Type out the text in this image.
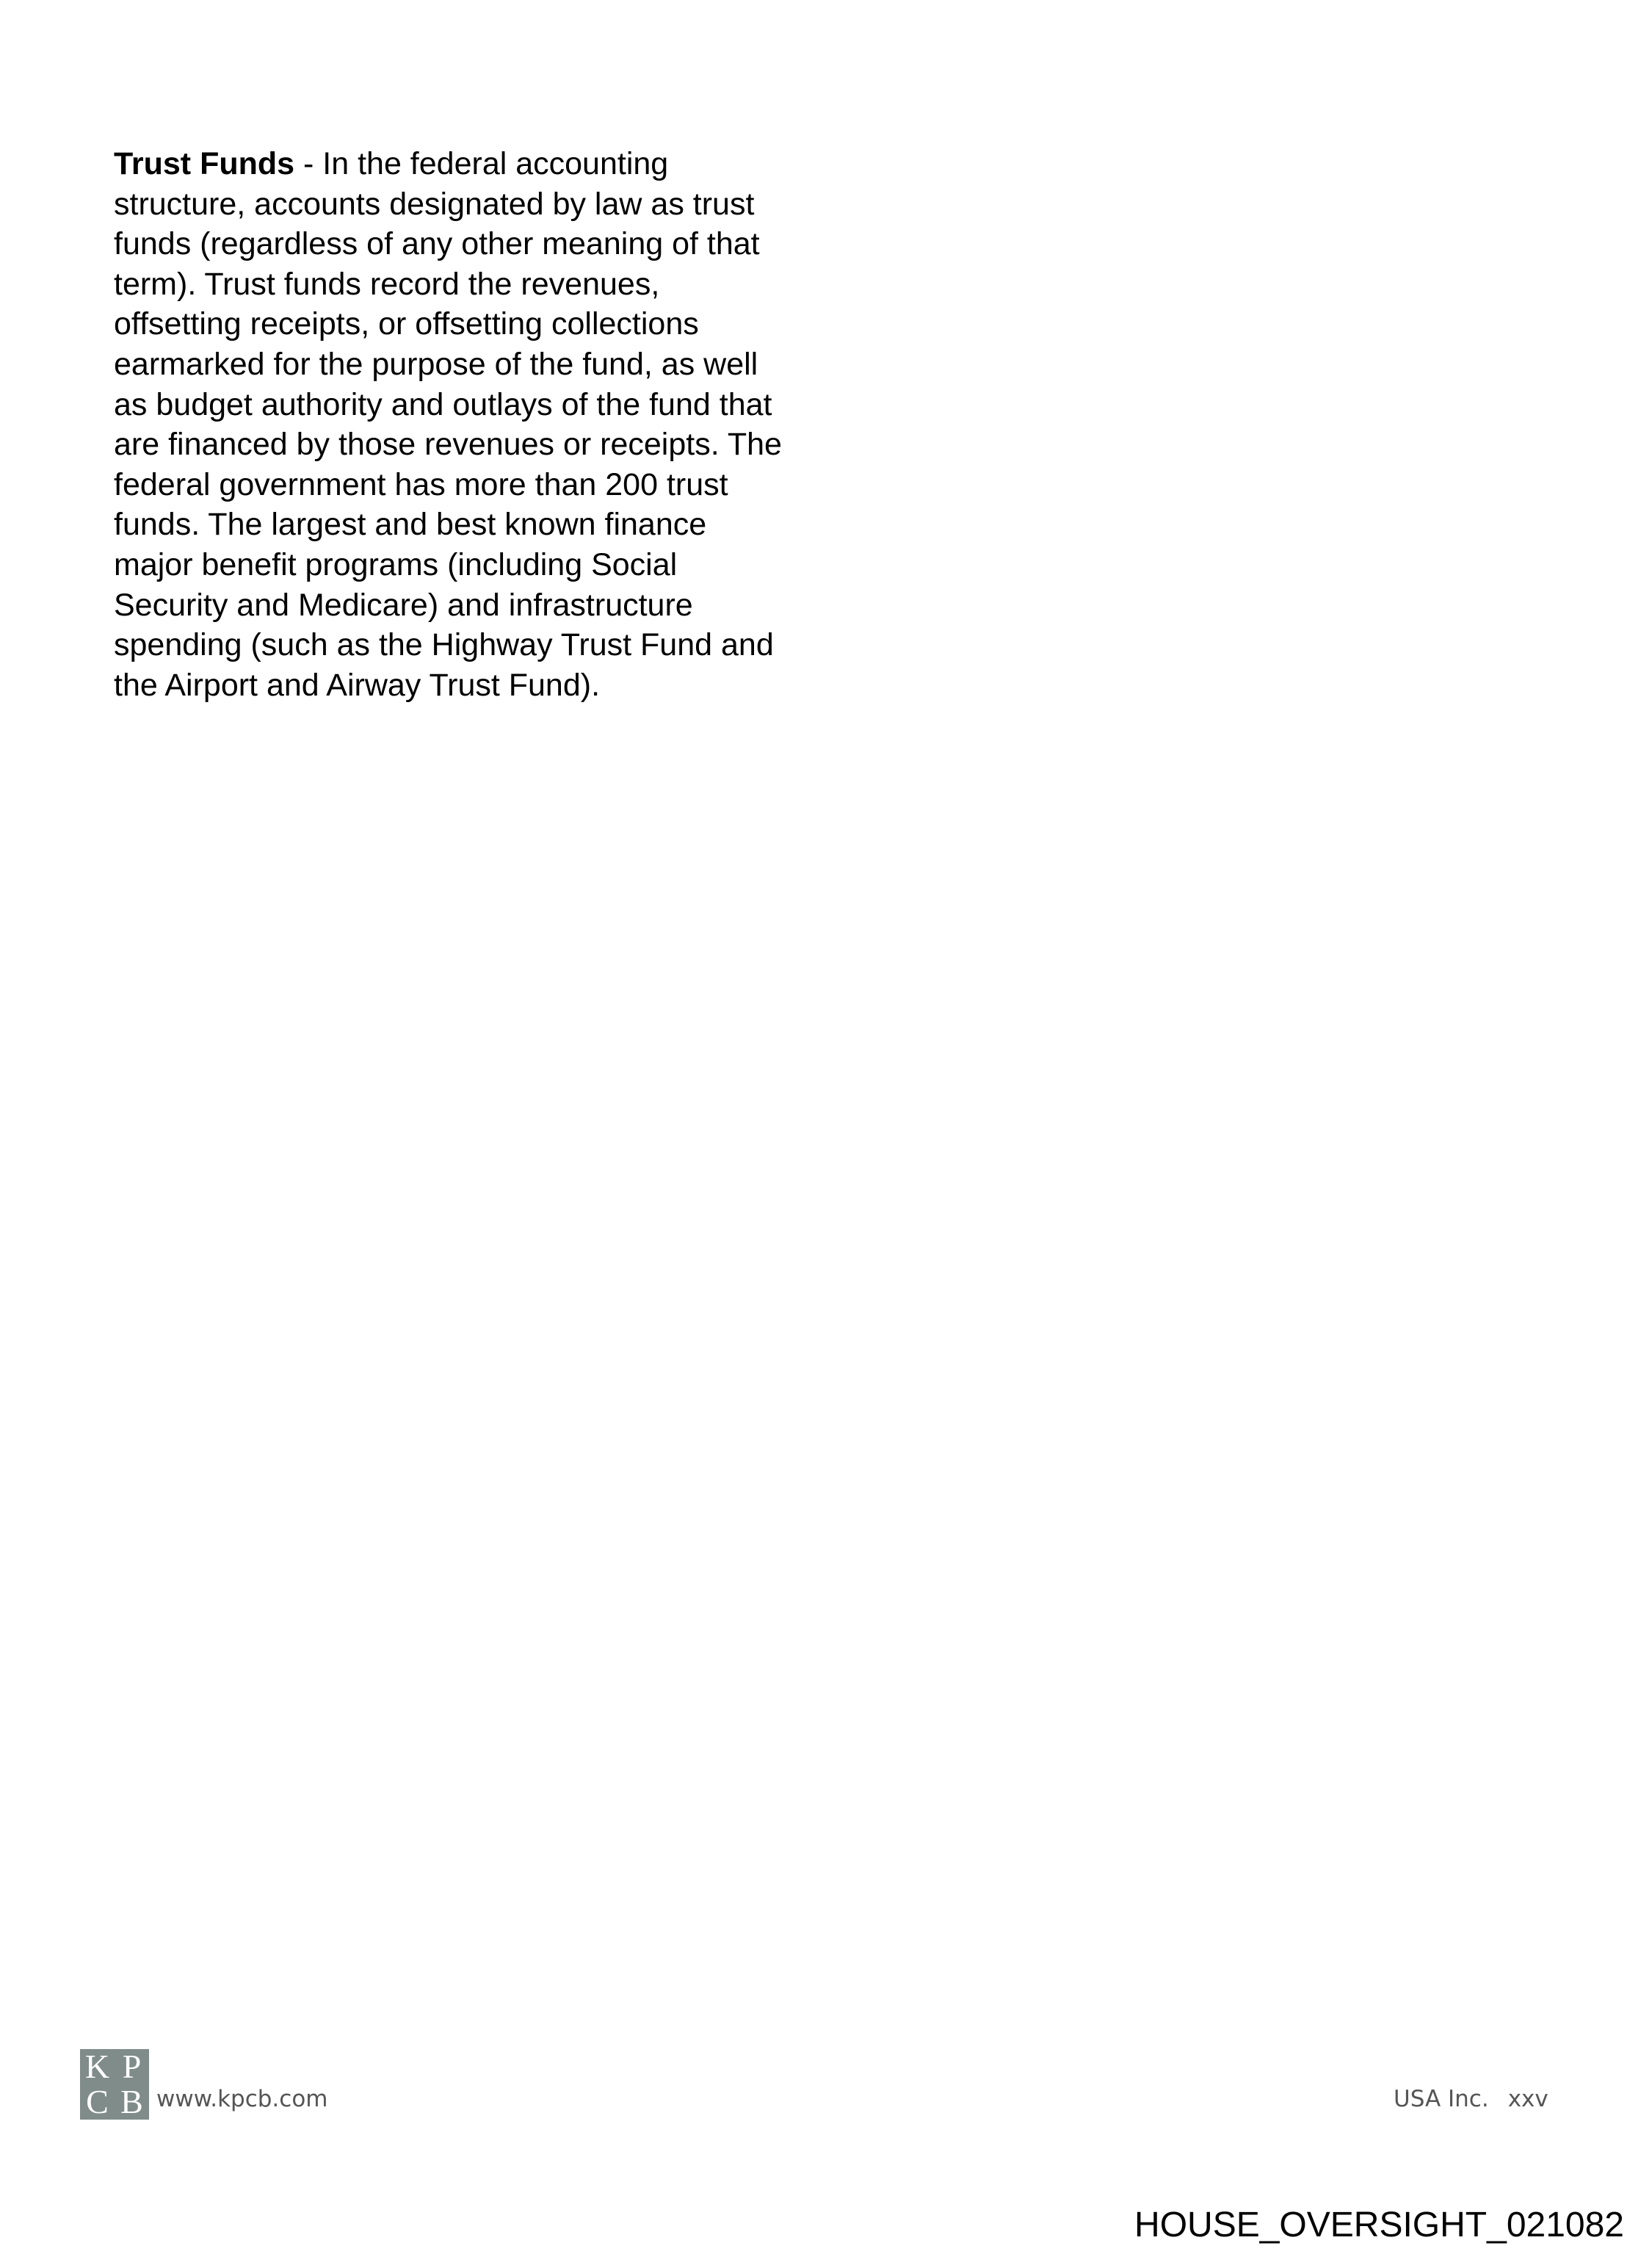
Trust Funds - In the federal accounting structure, accounts designated by law as trust funds (regardless of any other meaning of that term). Trust funds record the revenues, offsetting receipts, or offsetting collections earmarked for the purpose of the fund, as well as budget authority and outlays of the fund that are financed by those revenues or receipts. The federal government has more than 200 trust funds. The largest and best known finance major benefit programs (including Social Security and Medicare) and infrastructure spending (such as the Highway Trust Fund and the Airport and Airway Trust Fund).

K P
C B www.kpcb.com	USA Inc. xxv
HOUSE_OVERSIGHT_021082
